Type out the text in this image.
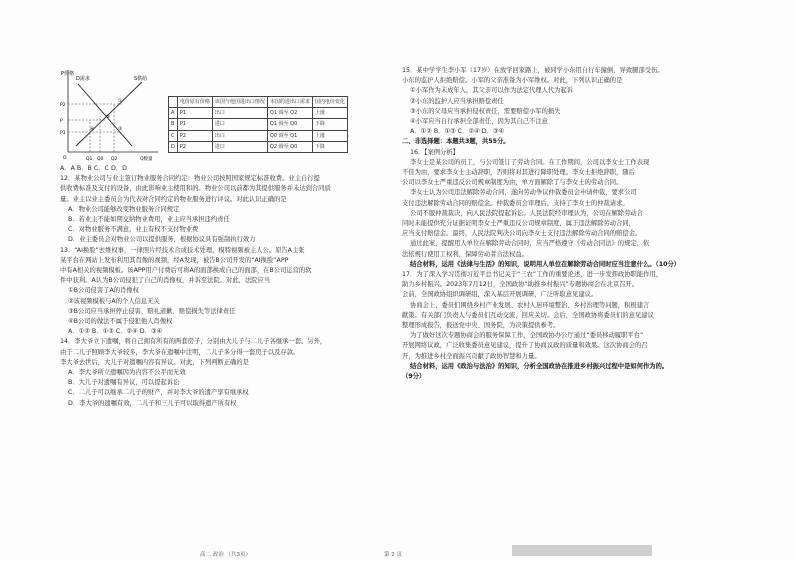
P价格
D需求	S供给
P2
P
P1
Q1 Q0 Q2	Q数量
O
①
②
③
④
	电价原有价格	该国与他国进出口情况	本国的进出口需求	国内电价变化
A	P1	出口	Q1 调至 Q2	上涨
B	P1	进口	Q1 调至 Q0	下降
C	P2	出口	Q0 调至 Q1	上涨
D	P2	进口	Q2 调至 Q0	下降

A．A B．B C．C D．D

12．某物业公司与业主签订物业服务合同约定：物业公司按照国家规定标准收费。业主自行提

供收费标准及支付的设备，由此影响业主使用和的。物业公司以前都为其提供服务并未达到合同质

量。业主以业主委员会为代表对合同约定的物业服务进行评议。对此认识正确的是

A．物业公司能够改变物业服务合同规定

B．若业主不能如期交纳物业费用，业主应当承担违约责任

C．对物业服务不满意，业主有权不支付物业费

D．业主委员会对物业公司以提供服务，根据协议具有强制执行效力

13．“AI换脸”去维权事，一律照片经技术合成技术处理，模特视频被主人公。原告A主张

某平台在网站上发布利用其肖像的视频，经A发现，被告B公司开发的“AI换脸”APP

中有A相关的视频模板。该APP用户付费后可将A的面部换成自己的面部，在B公司运营的软

件中获利。A认为B公司侵犯了自己的肖像权，并诉至法院。对此，法院应当

①B公司侵害了A的肖像权

②该视频模板与A的个人信息无关

③B公司应当承担停止侵害、赔礼道歉、赔偿损失等法律责任

④B公司的做法不属于侵犯他人肖像权

A．①② B．①③ C．②④ D．③④

14．李大爷立下遗嘱，将自己拥有所有的两套房子，分别由大儿子与二儿子各继承一套。另外，

由于二儿子照顾李大爷较多，李大爷在遗嘱中注明，二儿子多分得一套房子以及存款。

李大爷去世后，大儿子对遗嘱内容有异议。对此，下列判断正确的是

A．李大爷所立遗嘱因为内容不公平而无效

B．大儿子对遗嘱有异议，可以提起诉讼

C．二儿子可以继承二儿子的财产，并对李大爷的遗产享有继承权

D．李大爷的遗嘱有效，二儿子和三儿子可以取得遗产所有权

15．某中学学生李小军（17岁）在放学回家路上，被同学小东用自行车撞倒，导致腿部受伤。

小东的监护人拒绝赔偿。小军的父亲准备为小军维权。对此，下列认识正确的是

①小军作为未成年人，其父亲可以作为法定代理人代为起诉

②小东的监护人应当承担赔偿责任

③小东的父母应当承担侵权责任，需要赔偿小军的损失

④小军应当自行承担全部责任，因为其自己不注意

A．①② B．①③ C．②④ D．③④

二、非选择题：本题共3题，共55分。

16．【案例分析】

李女士是某公司的员工，与公司签订了劳动合同。在工作期间，公司以李女士工作表现

不佳为由，要求李女士主动辞职，否则将对其进行降职处理。李女士拒绝辞职，随后

公司以李女士严重违反公司规章制度为由，单方面解除了与李女士的劳动合同。

李女士认为公司违法解除劳动合同，遂向劳动争议仲裁委员会申请仲裁，要求公司

支付违法解除劳动合同的赔偿金。仲裁委员会审理后，支持了李女士的仲裁请求。

公司不服仲裁裁决，向人民法院提起诉讼。人民法院经审理认为，公司在解除劳动合

同时未能提供充分证据证明李女士严重违反公司规章制度，属于违法解除劳动合同，

应当支付赔偿金。最终，人民法院判决公司向李女士支付违法解除劳动合同的赔偿金。

通过此案，提醒用人单位在解除劳动合同时，应当严格遵守《劳动合同法》的规定，依

法依规行使用工权利，保障劳动者合法权益。

结合材料，运用《法律与生活》的知识，说明用人单位在解除劳动合同时应当注意什么。（10分）

17．为了深入学习贯彻习近平总书记关于“三农”工作的重要论述，进一步发挥政协职能作用，

助力乡村振兴。2023年7月12日，全国政协“助推乡村振兴”专题协商会在北京召开。

会前，全国政协组织调研组，深入基层开展调研，广泛听取意见建议。

协商会上，委员们围绕乡村产业发展、农村人居环境整治、乡村治理等问题，积极建言

献策。有关部门负责人与委员们互动交流，回应关切。会后，全国政协将委员们的意见建议

整理形成报告，报送党中央、国务院，为决策提供参考。

为了做好这次专题协商会的服务保障工作，全国政协办公厅通过“委员移动履职平台”

开展网络议政，广泛收集委员意见建议，提升了协商议政的质量和效果。这次协商会的召

开，为推进乡村全面振兴贡献了政协智慧和力量。

结合材料，运用《政治与法治》的知识，分析全国政协在推进乡村振兴过程中是如何作为的。

（9分）

高二 政治 （共3页）	第 2 页
